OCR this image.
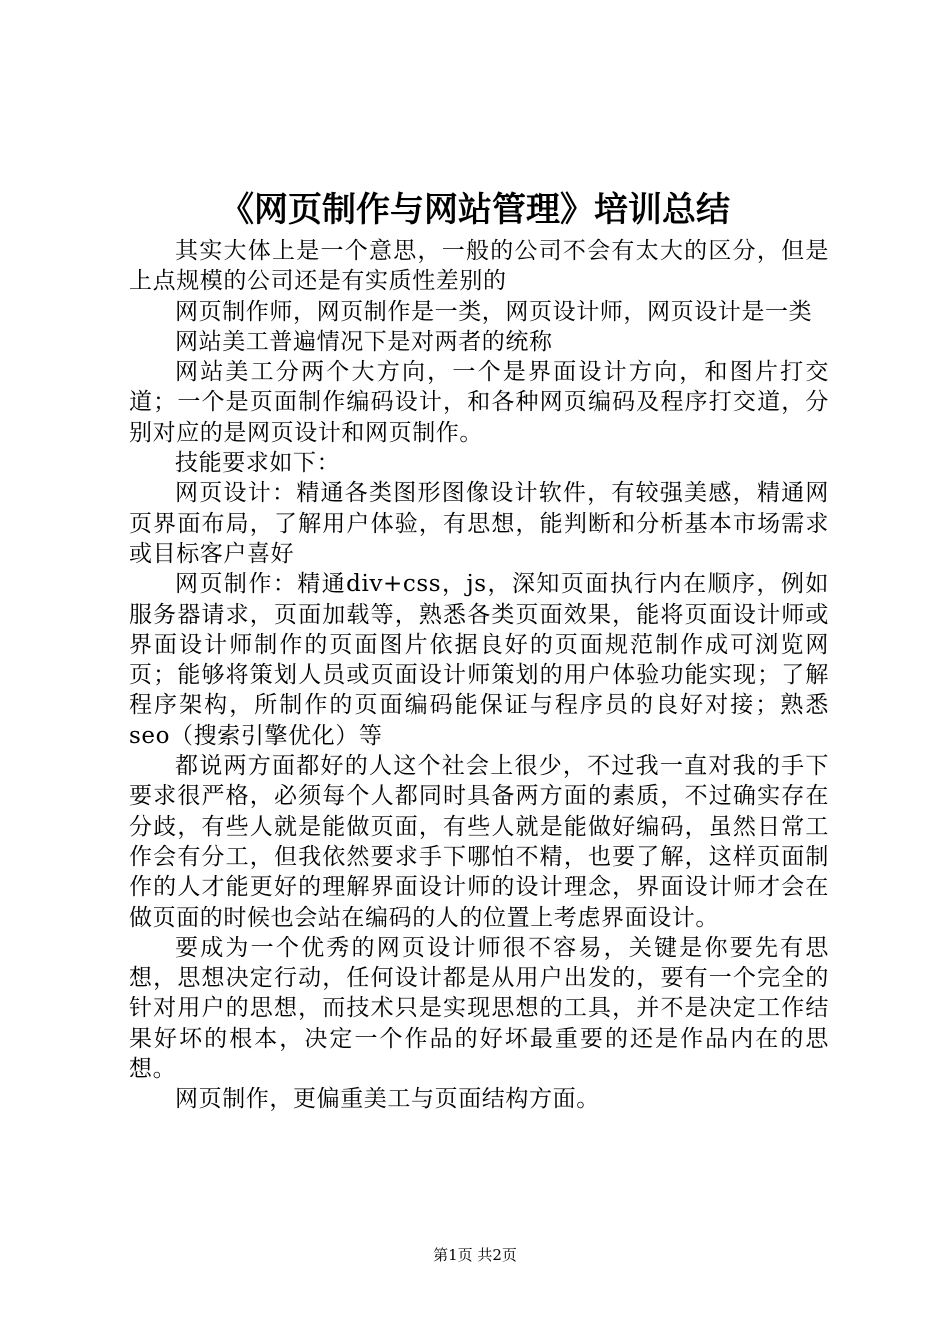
《网页制作与网站管理》培训总结

其实大体上是一个意思，一般的公司不会有太大的区分，但是上点规模的公司还是有实质性差别的

网页制作师，网页制作是一类，网页设计师，网页设计是一类

网站美工普遍情况下是对两者的统称

网站美工分两个大方向，一个是界面设计方向，和图片打交道；一个是页面制作编码设计，和各种网页编码及程序打交道，分别对应的是网页设计和网页制作。

技能要求如下：

网页设计：精通各类图形图像设计软件，有较强美感，精通网页界面布局，了解用户体验，有思想，能判断和分析基本市场需求或目标客户喜好

网页制作：精通div+css，js，深知页面执行内在顺序，例如服务器请求，页面加载等，熟悉各类页面效果，能将页面设计师或界面设计师制作的页面图片依据良好的页面规范制作成可浏览网页；能够将策划人员或页面设计师策划的用户体验功能实现；了解程序架构，所制作的页面编码能保证与程序员的良好对接；熟悉seo（搜索引擎优化）等

都说两方面都好的人这个社会上很少，不过我一直对我的手下要求很严格，必须每个人都同时具备两方面的素质，不过确实存在分歧，有些人就是能做页面，有些人就是能做好编码，虽然日常工作会有分工，但我依然要求手下哪怕不精，也要了解，这样页面制作的人才能更好的理解界面设计师的设计理念，界面设计师才会在做页面的时候也会站在编码的人的位置上考虑界面设计。

要成为一个优秀的网页设计师很不容易，关键是你要先有思想，思想决定行动，任何设计都是从用户出发的，要有一个完全的针对用户的思想，而技术只是实现思想的工具，并不是决定工作结果好坏的根本，决定一个作品的好坏最重要的还是作品内在的思想。

网页制作，更偏重美工与页面结构方面。

第1页 共2页
